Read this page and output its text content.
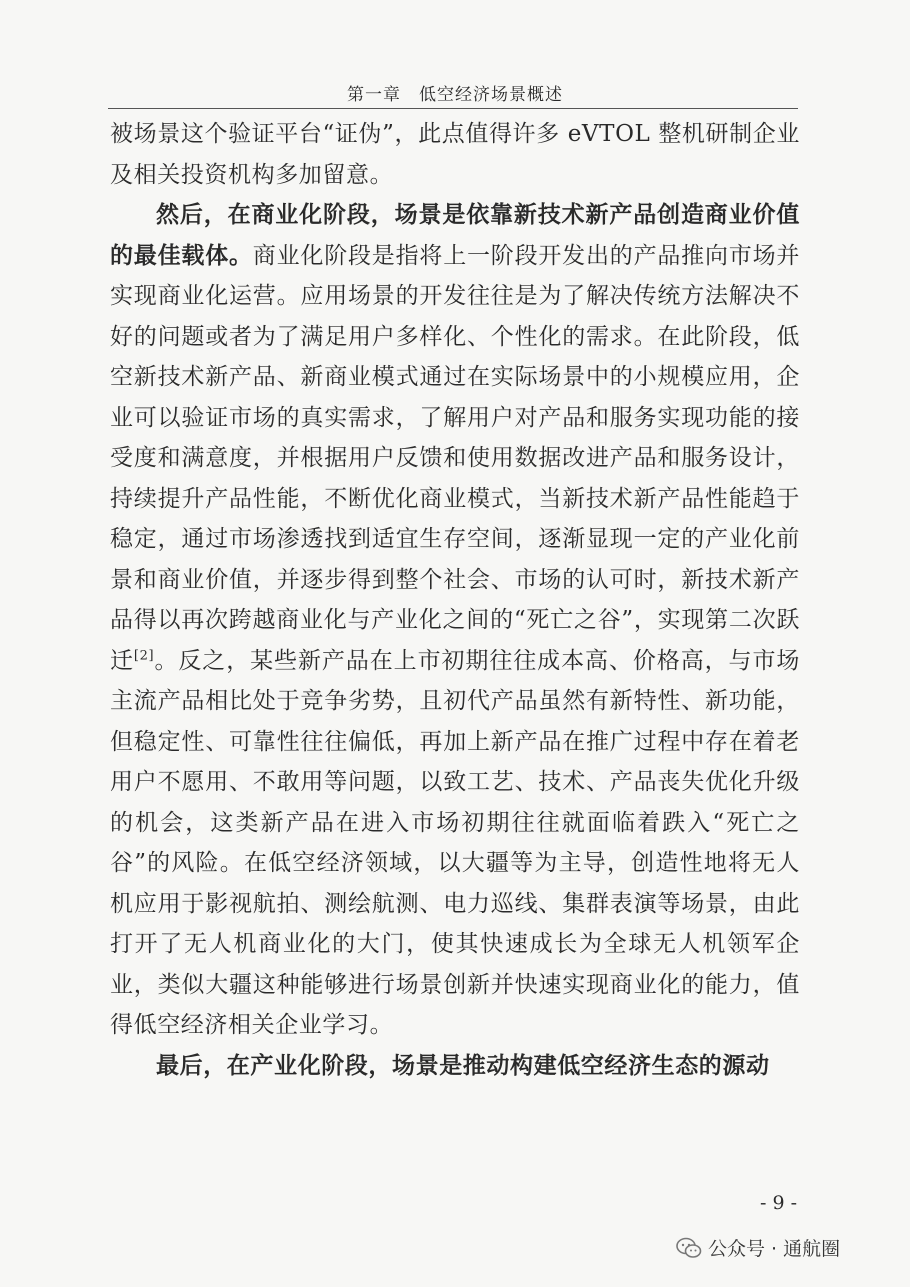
第一章　低空经济场景概述

被场景这个验证平台“证伪”，此点值得许多 eVTOL 整机研制企业及相关投资机构多加留意。

然后，在商业化阶段，场景是依靠新技术新产品创造商业价值的最佳载体。商业化阶段是指将上一阶段开发出的产品推向市场并实现商业化运营。应用场景的开发往往是为了解决传统方法解决不好的问题或者为了满足用户多样化、个性化的需求。在此阶段，低空新技术新产品、新商业模式通过在实际场景中的小规模应用，企业可以验证市场的真实需求，了解用户对产品和服务实现功能的接受度和满意度，并根据用户反馈和使用数据改进产品和服务设计，持续提升产品性能，不断优化商业模式，当新技术新产品性能趋于稳定，通过市场渗透找到适宜生存空间，逐渐显现一定的产业化前景和商业价值，并逐步得到整个社会、市场的认可时，新技术新产品得以再次跨越商业化与产业化之间的“死亡之谷”，实现第二次跃迁[2]。反之，某些新产品在上市初期往往成本高、价格高，与市场主流产品相比处于竞争劣势，且初代产品虽然有新特性、新功能，但稳定性、可靠性往往偏低，再加上新产品在推广过程中存在着老用户不愿用、不敢用等问题，以致工艺、技术、产品丧失优化升级的机会，这类新产品在进入市场初期往往就面临着跌入“死亡之谷”的风险。在低空经济领域，以大疆等为主导，创造性地将无人机应用于影视航拍、测绘航测、电力巡线、集群表演等场景，由此打开了无人机商业化的大门，使其快速成长为全球无人机领军企业，类似大疆这种能够进行场景创新并快速实现商业化的能力，值得低空经济相关企业学习。

最后，在产业化阶段，场景是推动构建低空经济生态的源动

- 9 -
公众号 · 通航圈
